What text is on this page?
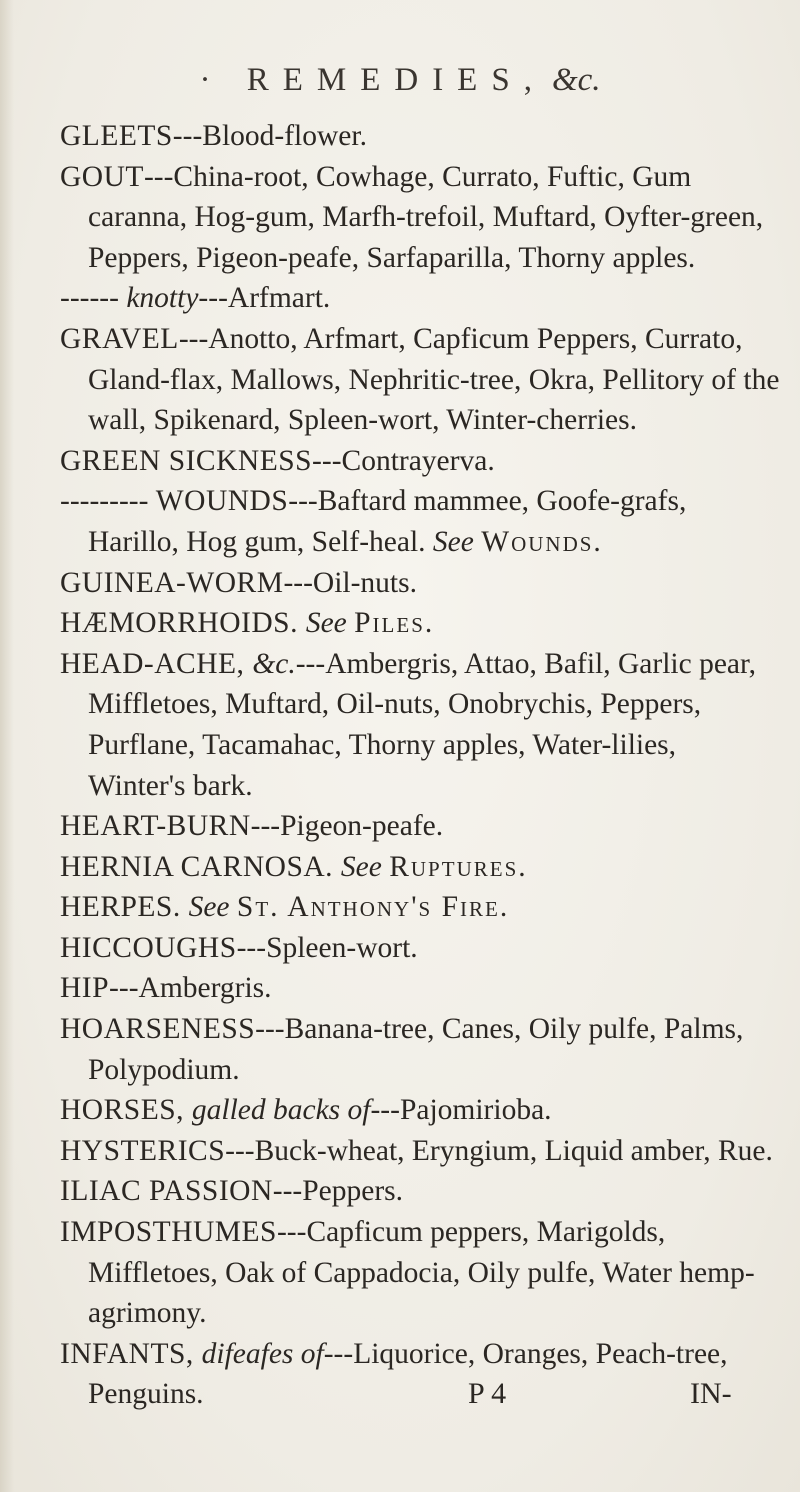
· REMEDIES, &c.

GLEETS---Blood-flower.

GOUT---China-root, Cowhage, Currato, Fuftic, Gum caranna, Hog-gum, Marfh-trefoil, Muftard, Oyfter-green, Peppers, Pigeon-peafe, Sarfaparilla, Thorny apples.

------ knotty---Arfmart.

GRAVEL---Anotto, Arfmart, Capficum Peppers, Currato, Gland-flax, Mallows, Nephritic-tree, Okra, Pellitory of the wall, Spikenard, Spleen-wort, Winter-cherries.

GREEN SICKNESS---Contrayerva.

--------- WOUNDS---Baftard mammee, Goofe-grafs, Harillo, Hog gum, Self-heal. See Wounds.

GUINEA-WORM---Oil-nuts.

HÆMORRHOIDS. See Piles.

HEAD-ACHE, &c.---Ambergris, Attao, Bafil, Garlic pear, Miffletoes, Muftard, Oil-nuts, Onobrychis, Peppers, Purflane, Tacamahac, Thorny apples, Water-lilies, Winter's bark.

HEART-BURN---Pigeon-peafe.

HERNIA CARNOSA. See Ruptures.

HERPES. See St. Anthony's Fire.

HICCOUGHS---Spleen-wort.

HIP---Ambergris.

HOARSENESS---Banana-tree, Canes, Oily pulfe, Palms, Polypodium.

HORSES, galled backs of---Pajomirioba.

HYSTERICS---Buck-wheat, Eryngium, Liquid amber, Rue.

ILIAC PASSION---Peppers.

IMPOSTHUMES---Capficum peppers, Marigolds, Miffletoes, Oak of Cappadocia, Oily pulfe, Water hemp-agrimony.

INFANTS, difeafes of---Liquorice, Oranges, Peach-tree, Penguins.	P 4	IN-
